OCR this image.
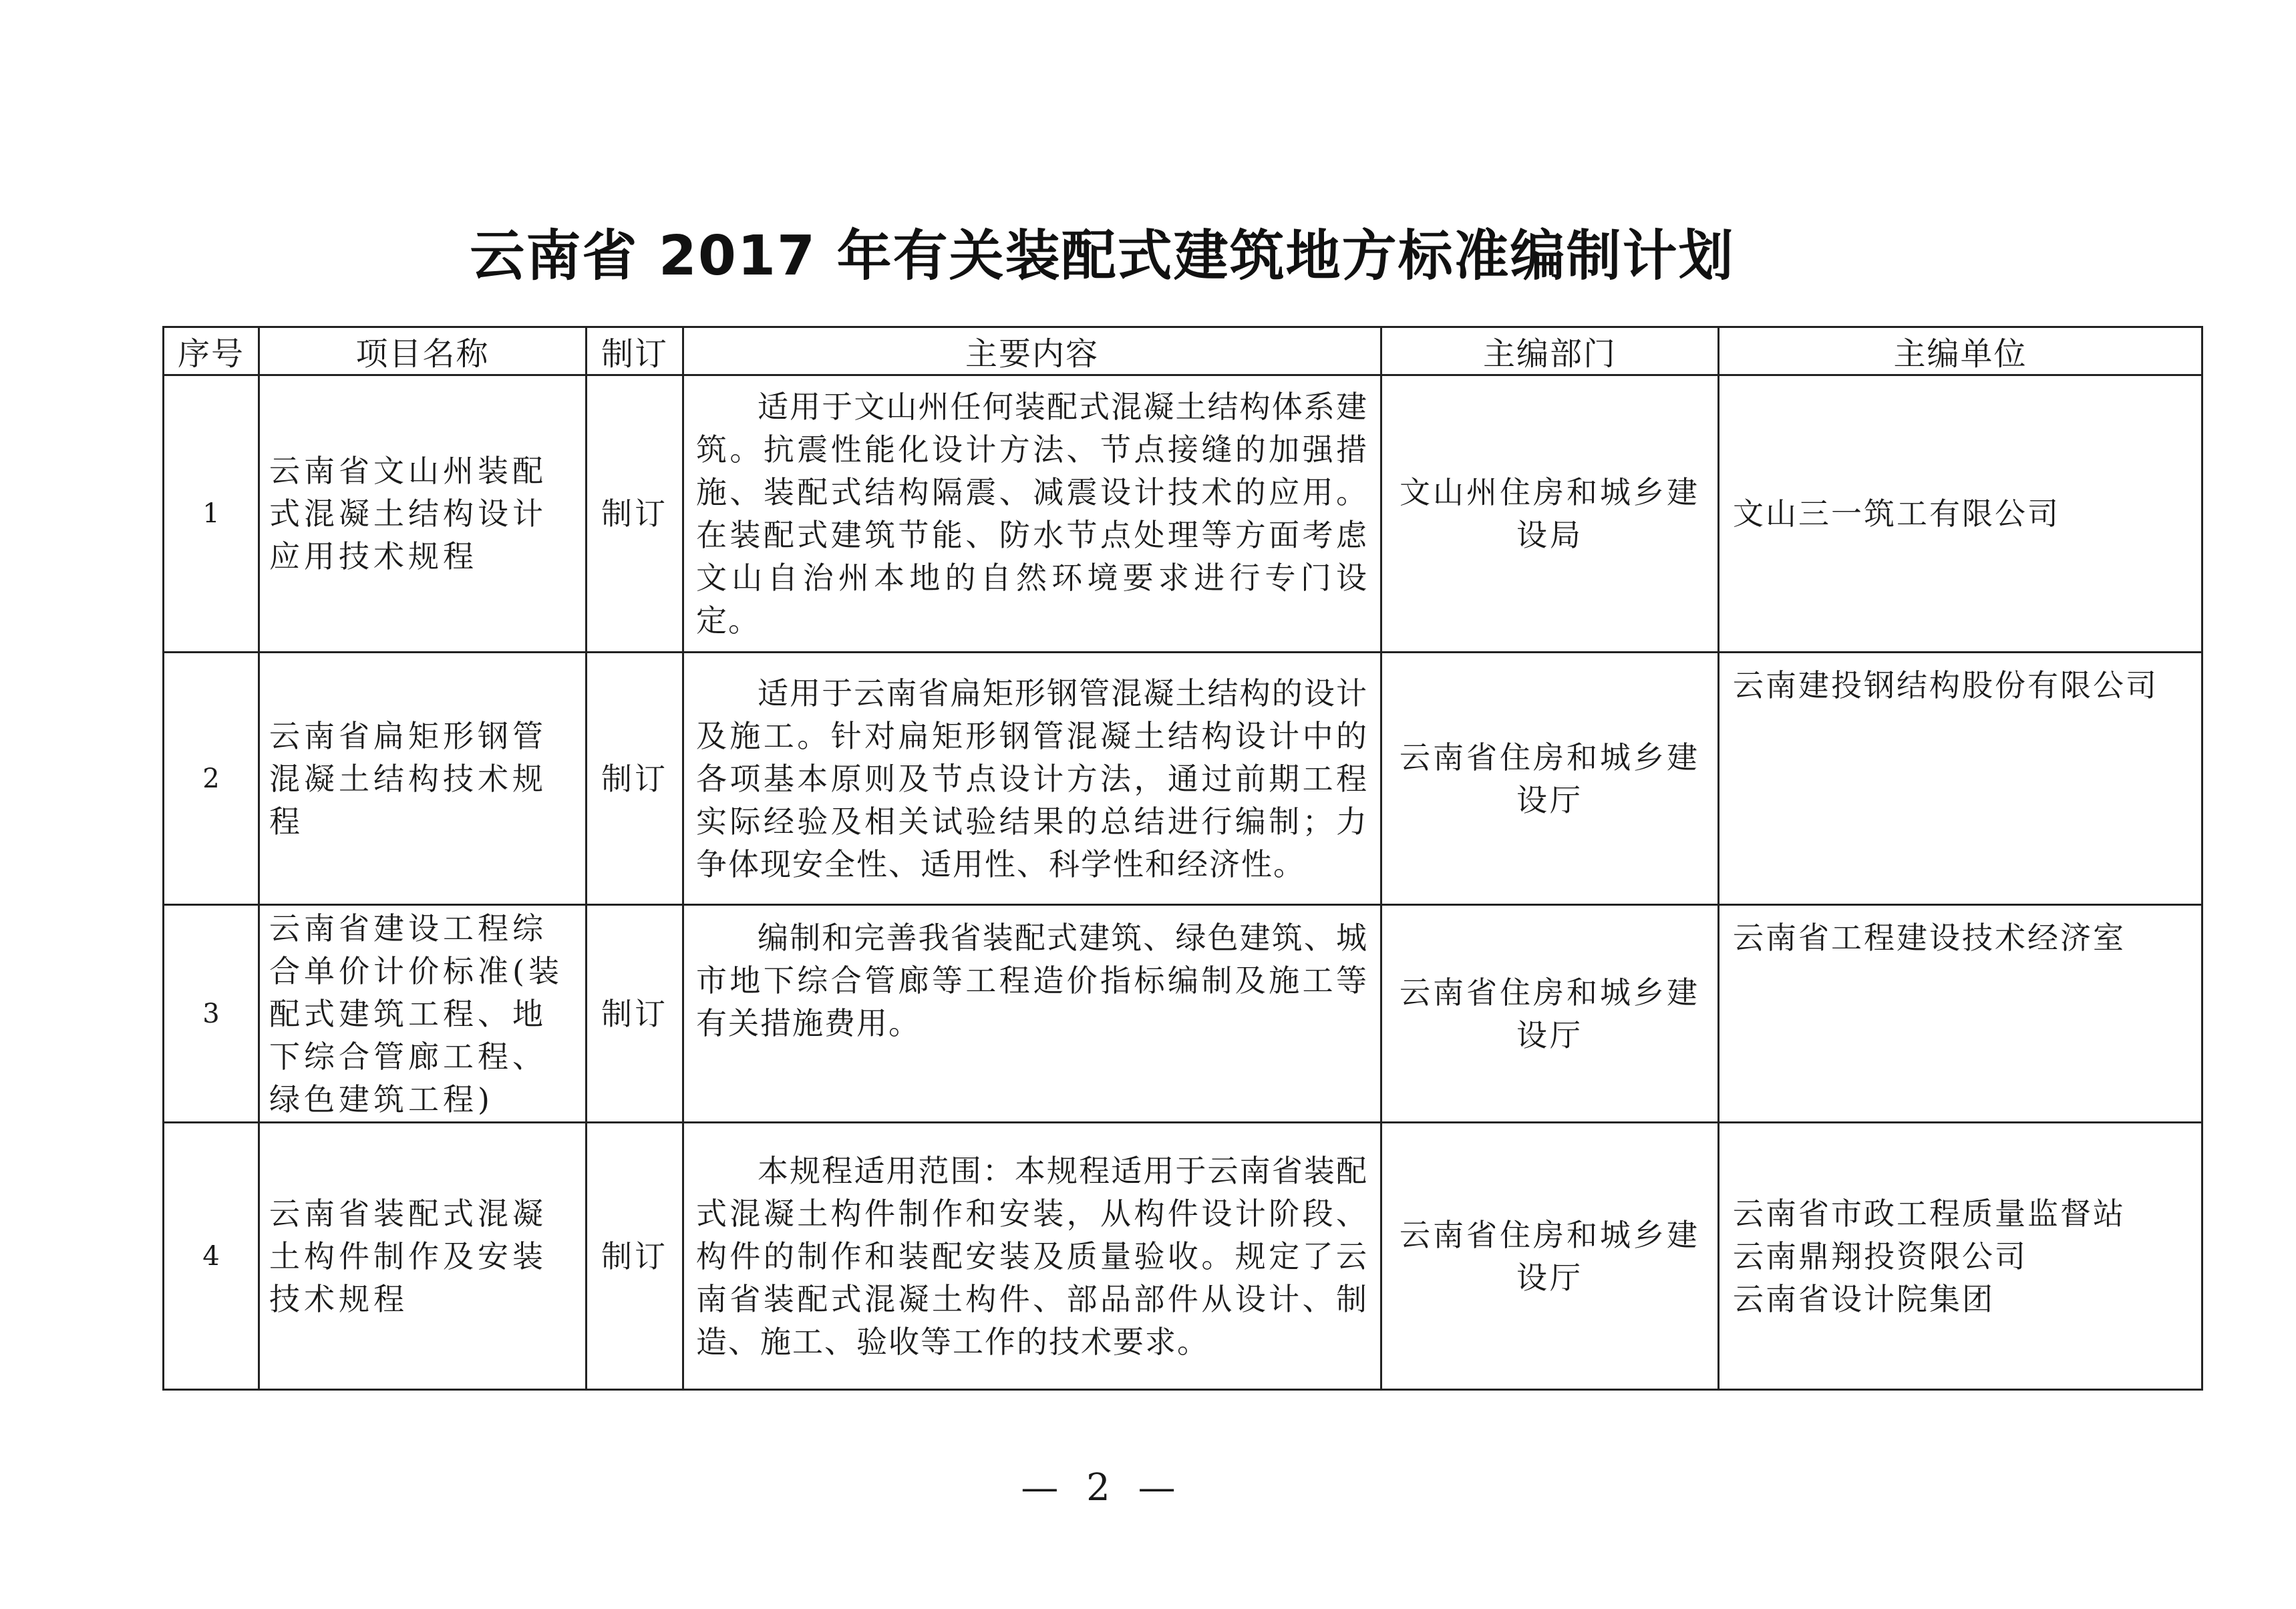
云南省 2017 年有关装配式建筑地方标准编制计划
序号	项目名称	制订	主要内容	主编部门	主编单位
1	云南省文山州装配式混凝土结构设计应用技术规程	制订	适用于文山州任何装配式混凝土结构体系建筑。抗震性能化设计方法、节点接缝的加强措施、装配式结构隔震、减震设计技术的应用。在装配式建筑节能、防水节点处理等方面考虑文山自治州本地的自然环境要求进行专门设定。	文山州住房和城乡建设局	文山三一筑工有限公司
2	云南省扁矩形钢管混凝土结构技术规程	制订	适用于云南省扁矩形钢管混凝土结构的设计及施工。针对扁矩形钢管混凝土结构设计中的各项基本原则及节点设计方法，通过前期工程实际经验及相关试验结果的总结进行编制；力争体现安全性、适用性、科学性和经济性。	云南省住房和城乡建设厅	云南建投钢结构股份有限公司
3	云南省建设工程综合单价计价标准(装配式建筑工程、地下综合管廊工程、绿色建筑工程)	制订	编制和完善我省装配式建筑、绿色建筑、城市地下综合管廊等工程造价指标编制及施工等有关措施费用。	云南省住房和城乡建设厅	云南省工程建设技术经济室
4	云南省装配式混凝土构件制作及安装技术规程	制订	本规程适用范围：本规程适用于云南省装配式混凝土构件制作和安装，从构件设计阶段、构件的制作和装配安装及质量验收。规定了云南省装配式混凝土构件、部品部件从设计、制造、施工、验收等工作的技术要求。	云南省住房和城乡建设厅	云南省市政工程质量监督站
云南鼎翔投资限公司
云南省设计院集团
— 2 —
